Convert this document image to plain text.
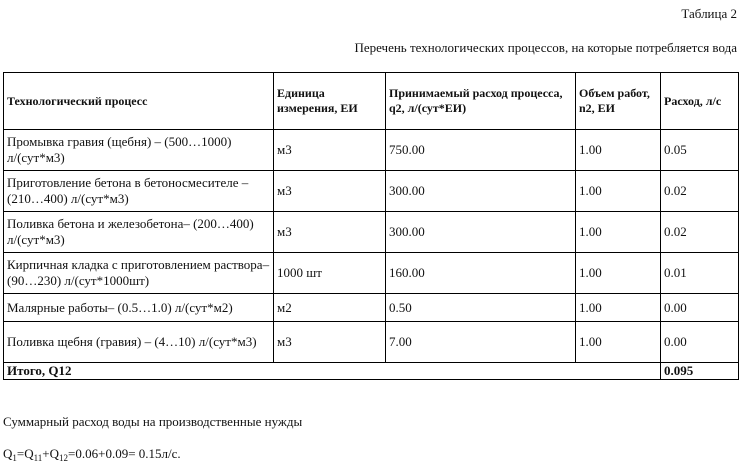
Таблица 2
Перечень технологических процессов, на которые потребляется вода
Технологический процесс	Единица измерения, ЕИ	Принимаемый расход процесса, q2, л/(сут*ЕИ)	Объем работ, n2, ЕИ	Расход, л/с
Промывка гравия (щебня) – (500…1000) л/(сут*м3)	м3	750.00	1.00	0.05
Приготовление бетона в бетоносмесителе – (210…400) л/(сут*м3)	м3	300.00	1.00	0.02
Поливка бетона и железобетона– (200…400) л/(сут*м3)	м3	300.00	1.00	0.02
Кирпичная кладка с приготовлением раствора– (90…230) л/(сут*1000шт)	1000 шт	160.00	1.00	0.01
Малярные работы– (0.5…1.0) л/(сут*м2)	м2	0.50	1.00	0.00
Поливка щебня (гравия) – (4…10) л/(сут*м3)	м3	7.00	1.00	0.00
Итого, Q12				0.095
Суммарный расход воды на производственные нужды
$Q_1=Q_{11}+Q_{12}=0.06+0.09= 0.15л/с$.
